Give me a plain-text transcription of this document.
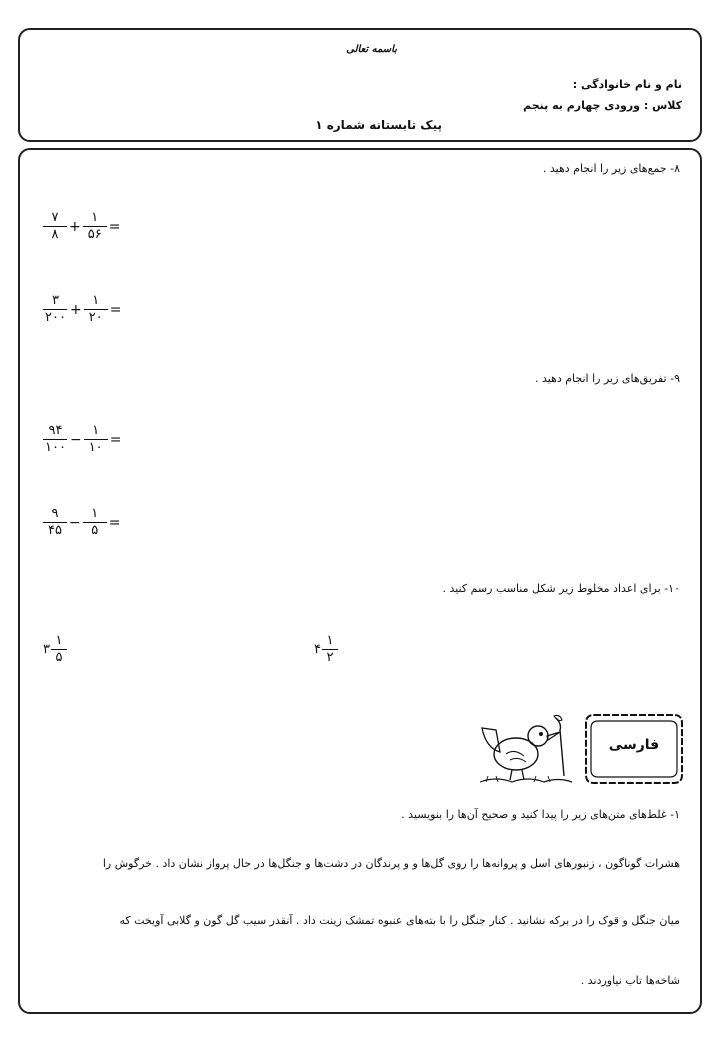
باسمه تعالی
نام و نام خانوادگی :
کلاس : ورودی چهارم به پنجم
پیک تابستانه شماره ۱
۸- جمع‌های زیر را انجام دهید .
۷
۸ +
۱
۵۶ =
۳
۲۰۰ +
۱
۲۰ =
۹- تفریق‌های زیر را انجام دهید .
۹۴
۱۰۰ −
۱
۱۰ =
۹
۴۵ −
۱
۵ =
۱۰- برای اعداد مخلوط زیر شکل مناسب رسم کنید .
۳
۱
۵
۴
۱
۲
فارسی
۱- غلط‌های متن‌های زیر را پیدا کنید و صحیح آن‌ها را بنویسید .
هشرات گوناگون ، زنبورهای اسل و پروانه‌ها را روی گل‌ها و و پرندگان در دشت‌ها و جنگل‌ها در حال پرواز نشان داد . خرگوش را
میان جنگل و قوک را در برکه نشانید . کنار جنگل را با بته‌های عنبوه تمشک زینت داد . آنقدر سیب گل گون و گلابی آویخت که
شاخه‌ها تاب نیاوردند .
